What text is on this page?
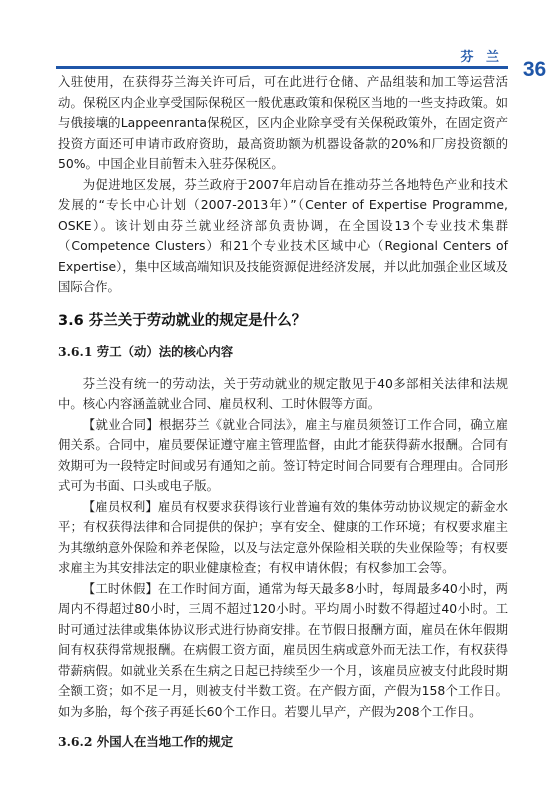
芬 兰
36

入驻使用，在获得芬兰海关许可后，可在此进行仓储、产品组装和加工等运营活动。保税区内企业享受国际保税区一般优惠政策和保税区当地的一些支持政策。如与俄接壤的Lappeenranta保税区，区内企业除享受有关保税政策外，在固定资产投资方面还可申请市政府资助，最高资助额为机器设备款的20%和厂房投资额的50%。中国企业目前暂未入驻芬保税区。

为促进地区发展，芬兰政府于2007年启动旨在推动芬兰各地特色产业和技术发展的“专长中心计划（2007-2013年）”（Center of Expertise Programme, OSKE）。该计划由芬兰就业经济部负责协调，在全国设13个专业技术集群（Competence Clusters）和21个专业技术区域中心（Regional Centers of Expertise），集中区域高端知识及技能资源促进经济发展，并以此加强企业区域及国际合作。

3.6 芬兰关于劳动就业的规定是什么？
3.6.1 劳工（动）法的核心内容

芬兰没有统一的劳动法，关于劳动就业的规定散见于40多部相关法律和法规中。核心内容涵盖就业合同、雇员权利、工时休假等方面。

【就业合同】根据芬兰《就业合同法》，雇主与雇员须签订工作合同，确立雇佣关系。合同中，雇员要保证遵守雇主管理监督，由此才能获得薪水报酬。合同有效期可为一段特定时间或另有通知之前。签订特定时间合同要有合理理由。合同形式可为书面、口头或电子版。

【雇员权利】雇员有权要求获得该行业普遍有效的集体劳动协议规定的薪金水平；有权获得法律和合同提供的保护；享有安全、健康的工作环境；有权要求雇主为其缴纳意外保险和养老保险，以及与法定意外保险相关联的失业保险等；有权要求雇主为其安排法定的职业健康检查；有权申请休假；有权参加工会等。

【工时休假】在工作时间方面，通常为每天最多8小时，每周最多40小时，两周内不得超过80小时，三周不超过120小时。平均周小时数不得超过40小时。工时可通过法律或集体协议形式进行协商安排。在节假日报酬方面，雇员在休年假期间有权获得常规报酬。在病假工资方面，雇员因生病或意外而无法工作，有权获得带薪病假。如就业关系在生病之日起已持续至少一个月，该雇员应被支付此段时期全额工资；如不足一月，则被支付半数工资。在产假方面，产假为158个工作日。如为多胎，每个孩子再延长60个工作日。若婴儿早产，产假为208个工作日。

3.6.2 外国人在当地工作的规定
